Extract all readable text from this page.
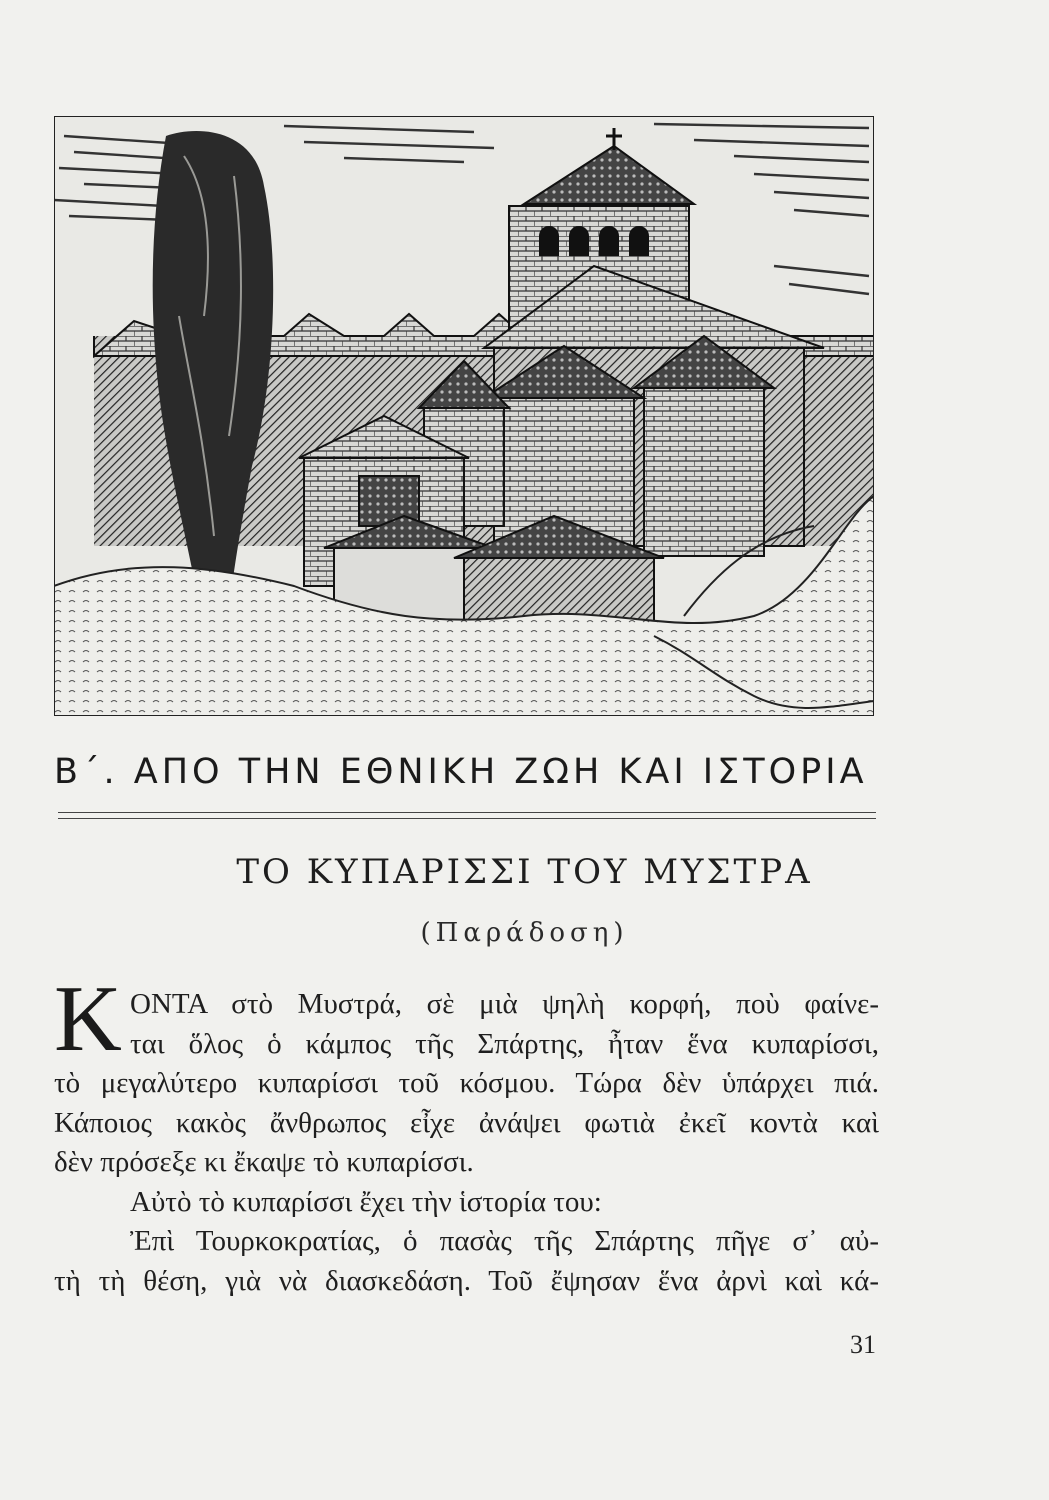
Β΄. ΑΠΟ ΤΗΝ ΕΘΝΙΚΗ ΖΩΗ ΚΑΙ ΙΣΤΟΡΙΑ
ΤΟ ΚΥΠΑΡΙΣΣΙ ΤΟΥ ΜΥΣΤΡΑ
(Παράδοση)
Κ ΟΝΤΑ στὸ Μυστρά, σὲ μιὰ ψηλὴ κορφή, ποὺ φαίνε-
ται ὅλος ὁ κάμπος τῆς Σπάρτης, ἦταν ἕνα κυπαρίσσι,
τὸ μεγαλύτερο κυπαρίσσι τοῦ κόσμου. Τώρα δὲν ὑπάρχει πιά.
Κάποιος κακὸς ἄνθρωπος εἶχε ἀνάψει φωτιὰ ἐκεῖ κοντὰ καὶ
δὲν πρόσεξε κι ἔκαψε τὸ κυπαρίσσι.
Αὐτὸ τὸ κυπαρίσσι ἔχει τὴν ἱστορία του:
Ἐπὶ Τουρκοκρατίας, ὁ πασὰς τῆς Σπάρτης πῆγε σ᾿ αὐ-
τὴ τὴ θέση, γιὰ νὰ διασκεδάση. Τοῦ ἔψησαν ἕνα ἀρνὶ καὶ κά-
31
